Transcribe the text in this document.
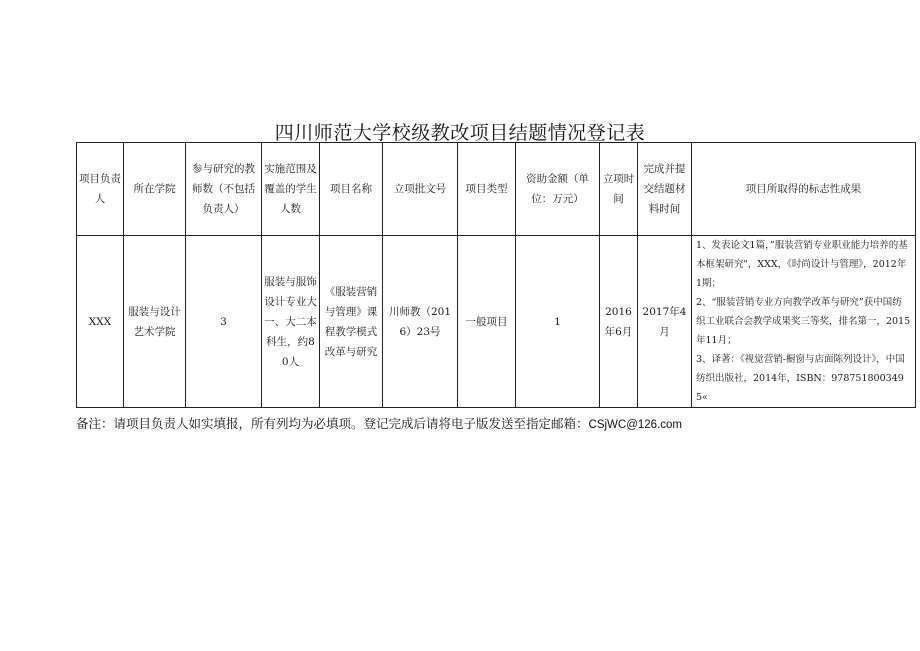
四川师范大学校级教改项目结题情况登记表
项目负责人	所在学院	参与研究的教师数（不包括负责人）	实施范围及覆盖的学生人数	项目名称	立项批文号	项目类型	资助金额（单位：万元）	立项时间	完成并提交结题材料时间	项目所取得的标志性成果
XXX	服装与设计艺术学院	3	服装与服饰设计专业大一、大二本科生，约80人	《服装营销与管理》课程教学模式改革与研究	川师教（2016）23号	一般项目	1	2016年6月	2017年4月	1、发表论文1篇，”服装营销专业职业能力培养的基本框架研究"，XXX，《时尚设计与管理》，2012年1期；
2、“服装营销专业方向教学改革与研究”获中国纺织工业联合会教学成果奖三等奖，排名第一，2015年11月；
3、译著：《视觉营销-橱窗与店面陈列设计》，中国纺织出版社，2014年，ISBN：9787518003495«
备注：请项目负责人如实填报，所有列均为必填项。登记完成后请将电子版发送至指定邮箱：CSjWC@126.com
